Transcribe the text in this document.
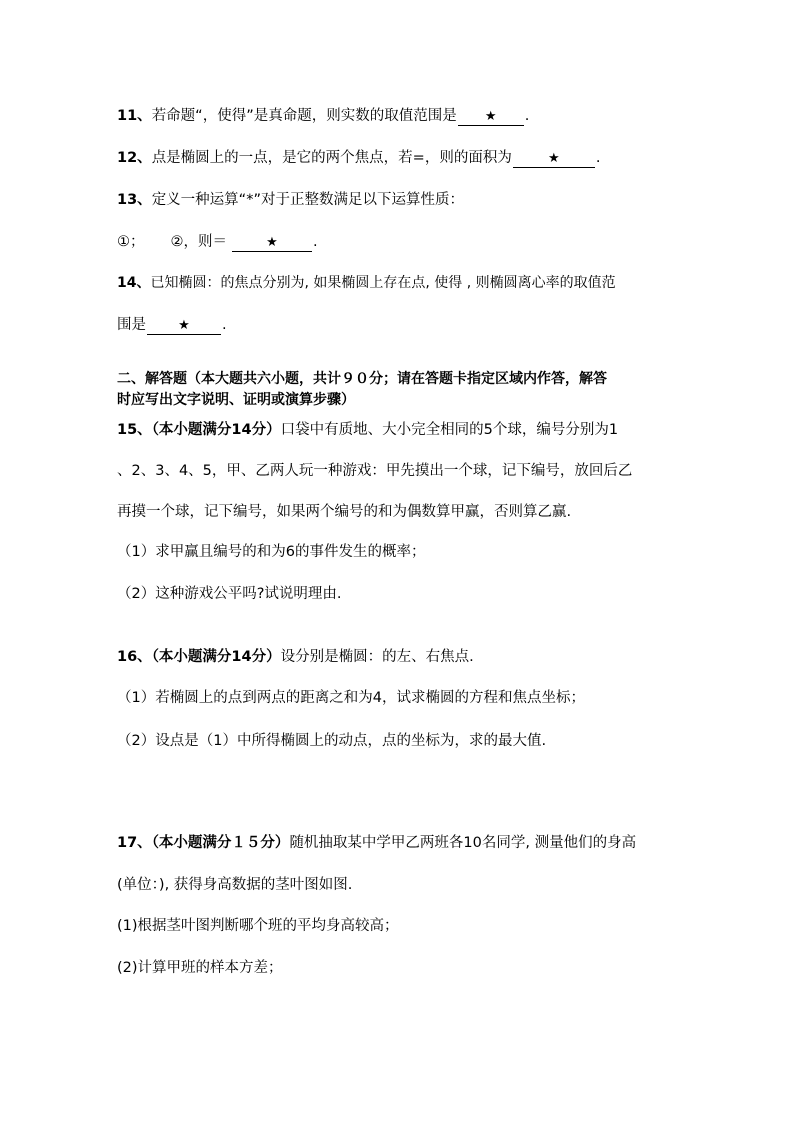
11、若命题“，使得”是真命题，则实数的取值范围是 ★ .
12、点是椭圆上的一点，是它的两个焦点，若=，则的面积为	★ .
13、定义一种运算“*”对于正整数满足以下运算性质：
①； ②，则＝	★ .
14、已知椭圆：的焦点分别为, 如果椭圆上存在点, 使得 , 则椭圆离心率的取值范
围是 ★ .
二、解答题（本大题共六小题，共计９０分；请在答题卡指定区域内作答，解答
时应写出文字说明、证明或演算步骤）
15、（本小题满分14分）口袋中有质地、大小完全相同的5个球，编号分别为1
、2、3、4、5，甲、乙两人玩一种游戏：甲先摸出一个球，记下编号，放回后乙
再摸一个球，记下编号，如果两个编号的和为偶数算甲赢，否则算乙赢.
（1）求甲赢且编号的和为6的事件发生的概率；
（2）这种游戏公平吗?试说明理由.
16、（本小题满分14分）设分别是椭圆：的左、右焦点.
（1）若椭圆上的点到两点的距离之和为4，试求椭圆的方程和焦点坐标；
（2）设点是（1）中所得椭圆上的动点，点的坐标为，求的最大值.
17、（本小题满分１５分）随机抽取某中学甲乙两班各10名同学, 测量他们的身高
(单位：), 获得身高数据的茎叶图如图.
(1)根据茎叶图判断哪个班的平均身高较高；
(2)计算甲班的样本方差；
